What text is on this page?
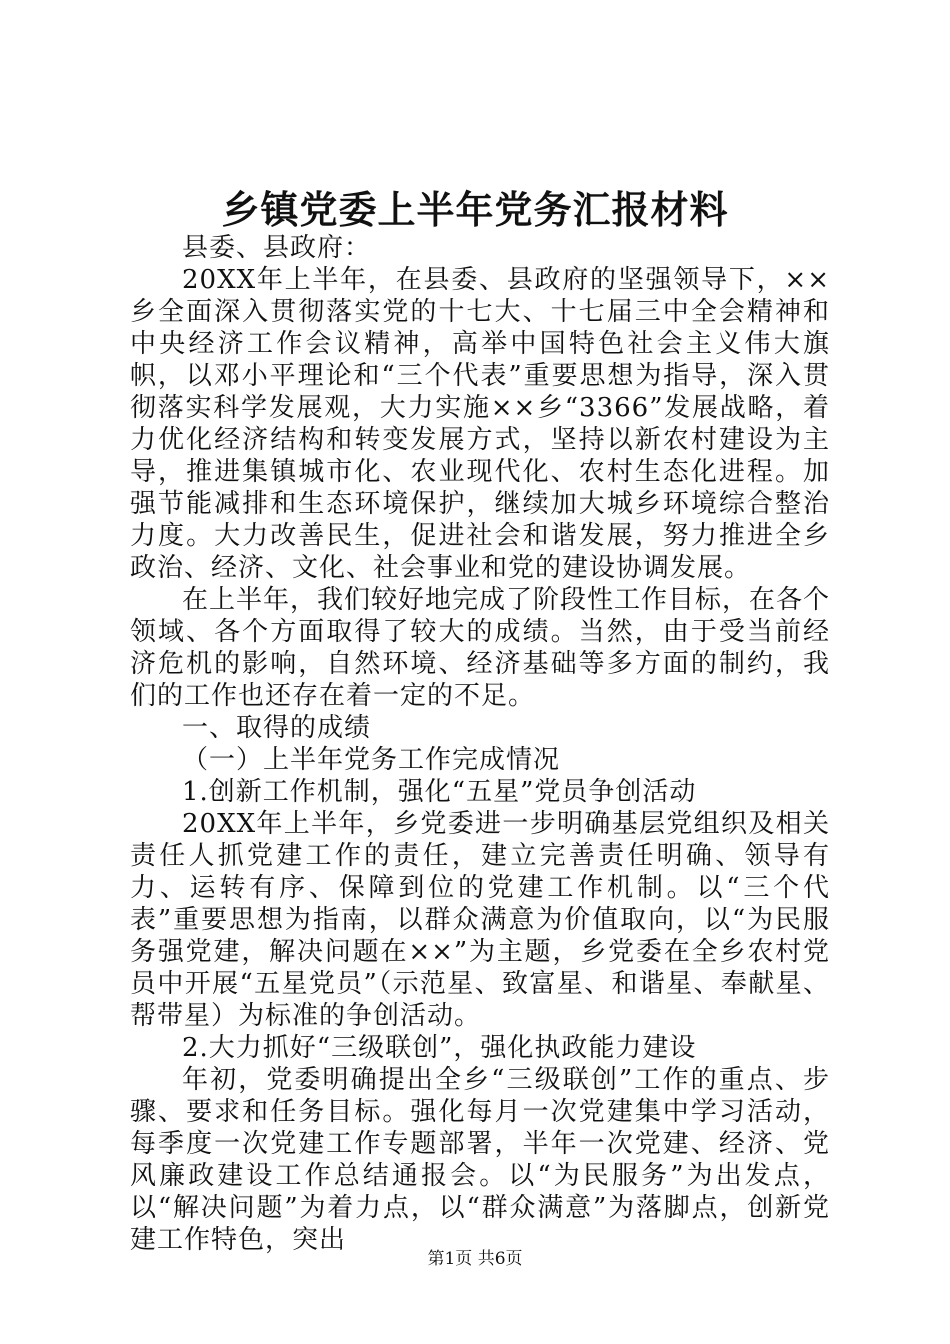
乡镇党委上半年党务汇报材料

县委、县政府：

20XX年上半年，在县委、县政府的坚强领导下，××乡全面深入贯彻落实党的十七大、十七届三中全会精神和中央经济工作会议精神，高举中国特色社会主义伟大旗帜，以邓小平理论和“三个代表”重要思想为指导，深入贯彻落实科学发展观，大力实施××乡“3366”发展战略，着力优化经济结构和转变发展方式，坚持以新农村建设为主导，推进集镇城市化、农业现代化、农村生态化进程。加强节能减排和生态环境保护，继续加大城乡环境综合整治力度。大力改善民生，促进社会和谐发展，努力推进全乡政治、经济、文化、社会事业和党的建设协调发展。

在上半年，我们较好地完成了阶段性工作目标，在各个领域、各个方面取得了较大的成绩。当然，由于受当前经济危机的影响，自然环境、经济基础等多方面的制约，我们的工作也还存在着一定的不足。

一、取得的成绩

（一）上半年党务工作完成情况

1.创新工作机制，强化“五星”党员争创活动

20XX年上半年，乡党委进一步明确基层党组织及相关责任人抓党建工作的责任，建立完善责任明确、领导有力、运转有序、保障到位的党建工作机制。以“三个代表”重要思想为指南，以群众满意为价值取向，以“为民服务强党建，解决问题在××”为主题，乡党委在全乡农村党员中开展“五星党员”（示范星、致富星、和谐星、奉献星、帮带星）为标准的争创活动。

2.大力抓好“三级联创”，强化执政能力建设

年初，党委明确提出全乡“三级联创”工作的重点、步骤、要求和任务目标。强化每月一次党建集中学习活动，每季度一次党建工作专题部署，半年一次党建、经济、党风廉政建设工作总结通报会。以“为民服务”为出发点，以“解决问题”为着力点，以“群众满意”为落脚点，创新党建工作特色，突出

第1页 共6页
